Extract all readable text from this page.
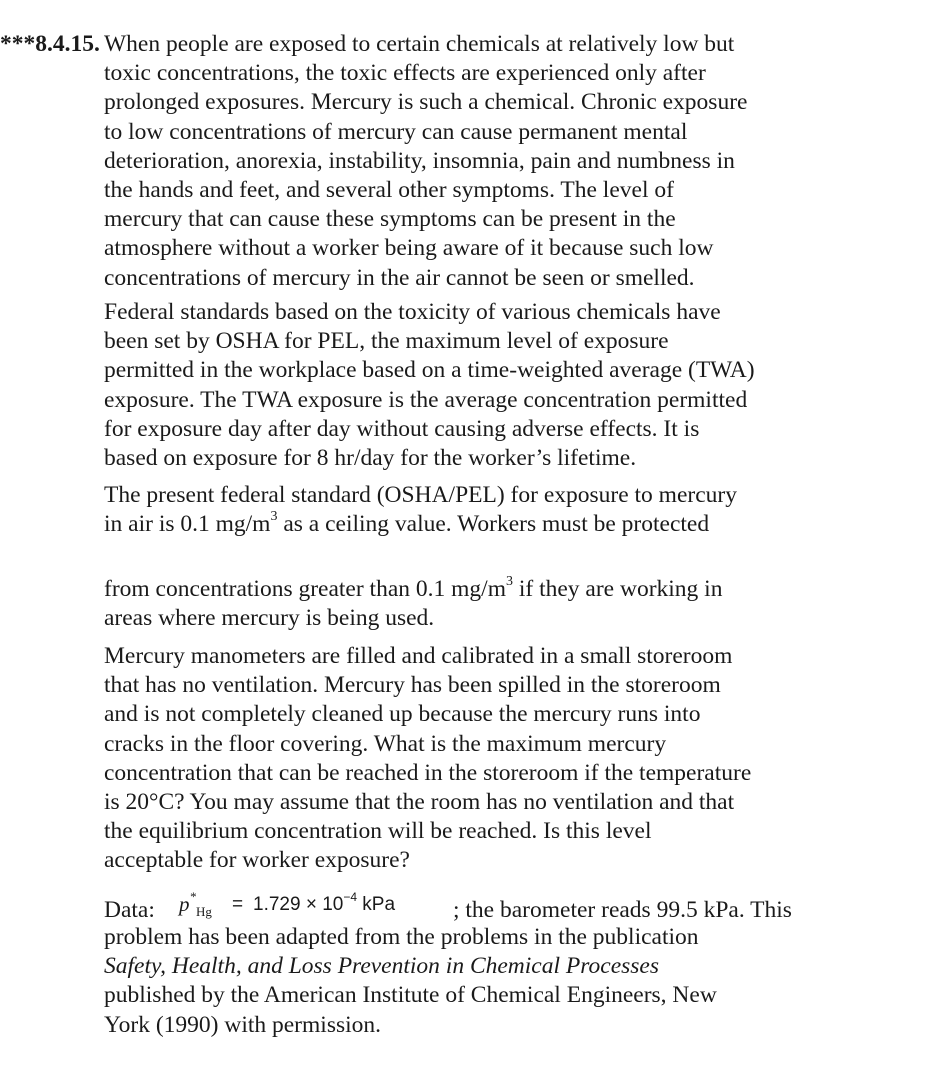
***8.4.15. When people are exposed to certain chemicals at relatively low but
toxic concentrations, the toxic effects are experienced only after
prolonged exposures. Mercury is such a chemical. Chronic exposure
to low concentrations of mercury can cause permanent mental
deterioration, anorexia, instability, insomnia, pain and numbness in
the hands and feet, and several other symptoms. The level of
mercury that can cause these symptoms can be present in the
atmosphere without a worker being aware of it because such low
concentrations of mercury in the air cannot be seen or smelled.
Federal standards based on the toxicity of various chemicals have
been set by OSHA for PEL, the maximum level of exposure
permitted in the workplace based on a time-weighted average (TWA)
exposure. The TWA exposure is the average concentration permitted
for exposure day after day without causing adverse effects. It is
based on exposure for 8 hr/day for the worker’s lifetime.
The present federal standard (OSHA/PEL) for exposure to mercury
in air is 0.1 $mg/m^3$ as a ceiling value. Workers must be protected
from concentrations greater than 0.1 $mg/m^3$ if they are working in
areas where mercury is being used.
Mercury manometers are filled and calibrated in a small storeroom
that has no ventilation. Mercury has been spilled in the storeroom
and is not completely cleaned up because the mercury runs into
cracks in the floor covering. What is the maximum mercury
concentration that can be reached in the storeroom if the temperature
is 20°C? You may assume that the room has no ventilation and that
the equilibrium concentration will be reached. Is this level
acceptable for worker exposure?
Data: $p^*_{Hg} = 1.729 \times 10^{-4}$ kPa ; the barometer reads 99.5 kPa. This
problem has been adapted from the problems in the publication
Safety, Health, and Loss Prevention in Chemical Processes
published by the American Institute of Chemical Engineers, New
York (1990) with permission.
